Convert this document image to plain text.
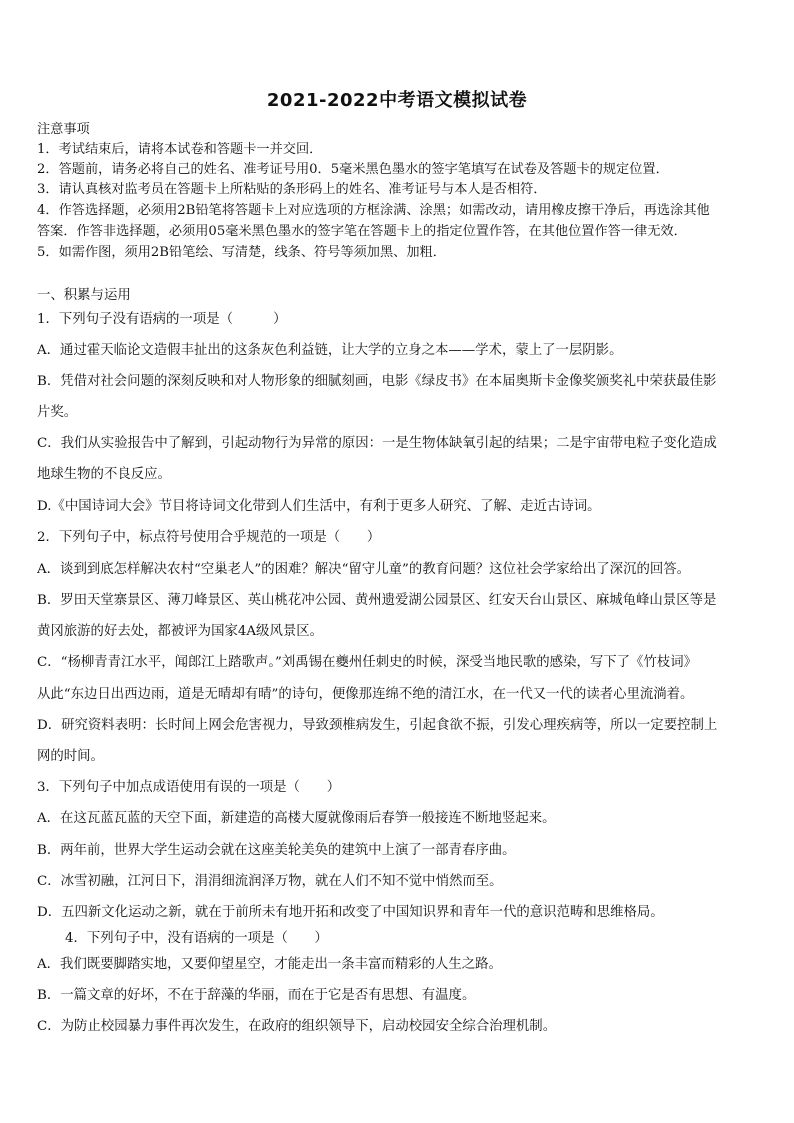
2021-2022中考语文模拟试卷
注意事项
1．考试结束后，请将本试卷和答题卡一并交回．
2．答题前，请务必将自己的姓名、准考证号用0．5毫米黑色墨水的签字笔填写在试卷及答题卡的规定位置．
3．请认真核对监考员在答题卡上所粘贴的条形码上的姓名、准考证号与本人是否相符．
4．作答选择题，必须用2B铅笔将答题卡上对应选项的方框涂满、涂黑；如需改动，请用橡皮擦干净后，再选涂其他
答案．作答非选择题，必须用05毫米黑色墨水的签字笔在答题卡上的指定位置作答，在其他位置作答一律无效．
5．如需作图，须用2B铅笔绘、写清楚，线条、符号等须加黑、加粗．
一、积累与运用
1．下列句子没有语病的一项是（　　　）
A．通过霍天临论文造假丰扯出的这条灰色利益链，让大学的立身之本——学术，蒙上了一层阴影。
B．凭借对社会问题的深刻反映和对人物形象的细腻刻画，电影《绿皮书》在本届奥斯卡金像奖颁奖礼中荣获最佳影
片奖。
C．我们从实验报告中了解到，引起动物行为异常的原因：一是生物体缺氧引起的结果；二是宇宙带电粒子变化造成
地球生物的不良反应。
D.《中国诗词大会》节目将诗词文化带到人们生活中，有利于更多人研究、了解、走近古诗词。
2．下列句子中，标点符号使用合乎规范的一项是（　　）
A．谈到到底怎样解决农村“空巢老人”的困难？解决“留守儿童”的教育问题？这位社会学家给出了深沉的回答。
B．罗田天堂寨景区、薄刀峰景区、英山桃花冲公园、黄州遗爱湖公园景区、红安天台山景区、麻城龟峰山景区等是
黄冈旅游的好去处，都被评为国家4A级风景区。
C．“杨柳青青江水平，闻郎江上踏歌声。”刘禹锡在夔州任刺史的时候，深受当地民歌的感染，写下了《竹枝词》
从此“东边日出西边雨，道是无晴却有晴”的诗句，便像那连绵不绝的清江水，在一代又一代的读者心里流淌着。
D．研究资料表明：长时间上网会危害视力，导致颈椎病发生，引起食欲不振，引发心理疾病等，所以一定要控制上
网的时间。
3．下列句子中加点成语使用有误的一项是（　　）
A．在这瓦蓝瓦蓝的天空下面，新建造的高楼大厦就像雨后春笋一般接连不断地竖起来。
B．两年前，世界大学生运动会就在这座美轮美奂的建筑中上演了一部青春序曲。
C．冰雪初融，江河日下，涓涓细流润泽万物，就在人们不知不觉中悄然而至。
D．五四新文化运动之新，就在于前所未有地开拓和改变了中国知识界和青年一代的意识范畴和思维格局。
4．下列句子中，没有语病的一项是（　　）
A．我们既要脚踏实地，又要仰望星空，才能走出一条丰富而精彩的人生之路。
B．一篇文章的好坏，不在于辞藻的华丽，而在于它是否有思想、有温度。
C．为防止校园暴力事件再次发生，在政府的组织领导下，启动校园安全综合治理机制。
